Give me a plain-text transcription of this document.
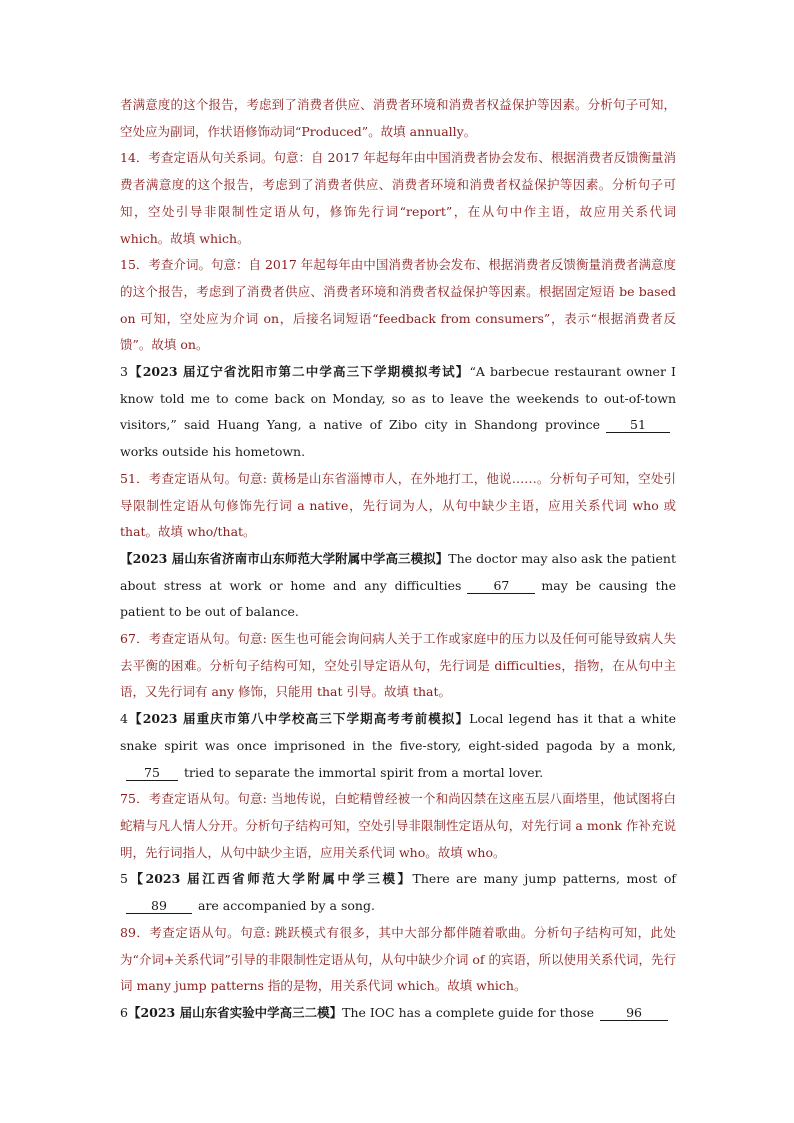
者满意度的这个报告，考虑到了消费者供应、消费者环境和消费者权益保护等因素。分析句子可知，空处应为副词，作状语修饰动词“Produced”。故填 annually。

14．考查定语从句关系词。句意：自 2017 年起每年由中国消费者协会发布、根据消费者反馈衡量消费者满意度的这个报告，考虑到了消费者供应、消费者环境和消费者权益保护等因素。分析句子可知，空处引导非限制性定语从句，修饰先行词“report”，在从句中作主语，故应用关系代词 which。故填 which。

15．考查介词。句意：自 2017 年起每年由中国消费者协会发布、根据消费者反馈衡量消费者满意度的这个报告，考虑到了消费者供应、消费者环境和消费者权益保护等因素。根据固定短语 be based on 可知，空处应为介词 on，后接名词短语“feedback from consumers”，表示“根据消费者反馈”。故填 on。

3【2023 届辽宁省沈阳市第二中学高三下学期模拟考试】“A barbecue restaurant owner I know told me to come back on Monday, so as to leave the weekends to out-of-town visitors,” said Huang Yang, a native of Zibo city in Shandong province 51works outside his hometown.

51．考查定语从句。句意: 黄杨是山东省淄博市人，在外地打工，他说……。分析句子可知，空处引导限制性定语从句修饰先行词 a native，先行词为人，从句中缺少主语，应用关系代词 who 或 that。故填 who/that。

【2023 届山东省济南市山东师范大学附属中学高三模拟】The doctor may also ask the patient about stress at work or home and any difficulties	67	may be causing the patient to be out of balance.

67．考查定语从句。句意: 医生也可能会询问病人关于工作或家庭中的压力以及任何可能导致病人失去平衡的困难。分析句子结构可知，空处引导定语从句，先行词是 difficulties，指物，在从句中主语，又先行词有 any 修饰，只能用 that 引导。故填 that。

4【2023 届重庆市第八中学校高三下学期高考考前模拟】Local legend has it that a white snake spirit was once imprisoned in the five-story, eight-sided pagoda by a monk,75 tried to separate the immortal spirit from a mortal lover.

75．考查定语从句。句意: 当地传说，白蛇精曾经被一个和尚囚禁在这座五层八面塔里，他试图将白蛇精与凡人情人分开。分析句子结构可知，空处引导非限制性定语从句，对先行词 a monk 作补充说明，先行词指人，从句中缺少主语，应用关系代词 who。故填 who。

5【2023 届江西省师范大学附属中学三模】There are many jump patterns, most of89 are accompanied by a song.

89．考查定语从句。句意: 跳跃模式有很多，其中大部分都伴随着歌曲。分析句子结构可知，此处为“介词+关系代词”引导的非限制性定语从句，从句中缺少介词 of 的宾语，所以使用关系代词，先行词 many jump patterns 指的是物，用关系代词 which。故填 which。

6【2023 届山东省实验中学高三二模】The IOC has a complete guide for those	96
